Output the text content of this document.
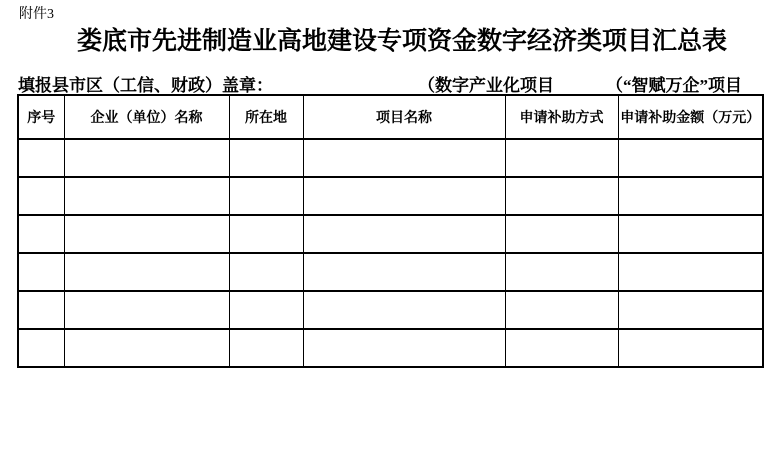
附件3
娄底市先进制造业高地建设专项资金数字经济类项目汇总表
填报县市区（工信、财政）盖章：	（数字产业化项目	（“智赋万企”项目
序号	企业（单位）名称	所在地	项目名称	申请补助方式	申请补助金额（万元）
